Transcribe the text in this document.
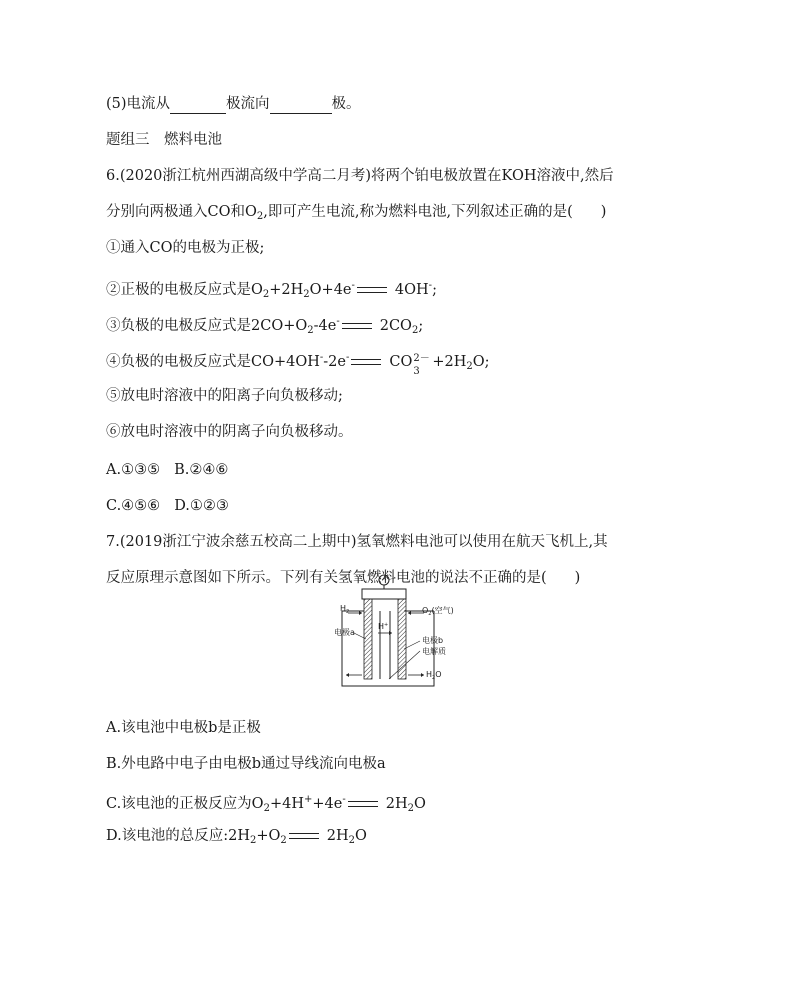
(5)电流从	极流向	极。
题组三　燃料电池
6.(2020浙江杭州西湖高级中学高二月考)将两个铂电极放置在KOH溶液中,然后
分别向两极通入CO和$O_2$,即可产生电流,称为燃料电池,下列叙述正确的是( )
①通入CO的电极为正极;
②正极的电极反应式是$O_2+2H_2O+4e^-$	4OH-;
③负极的电极反应式是$2CO+O_2-4e^-$	$2CO_2$;
④负极的电极反应式是CO+4OH--2e-	CO 2－
3
$+2H_2O$;
⑤放电时溶液中的阳离子向负极移动;
⑥放电时溶液中的阴离子向负极移动。
A.①③⑤ B.②④⑥
C.④⑤⑥ D.①②③
7.(2019浙江宁波余慈五校高二上期中)氢氧燃料电池可以使用在航天飞机上,其
反应原理示意图如下所示。下列有关氢氧燃料电池的说法不正确的是( )
$H_2$	$O_2$(空气)
电极a
H+
电极b
电解质
$H_2O$
A.该电池中电极b是正极
B.外电路中电子由电极b通过导线流向电极a
C.该电池的正极反应为$O_2+4H^++4e^-$	$2H_2O$
D.该电池的总反应$:2H_2+O_2$	$2H_2O$
